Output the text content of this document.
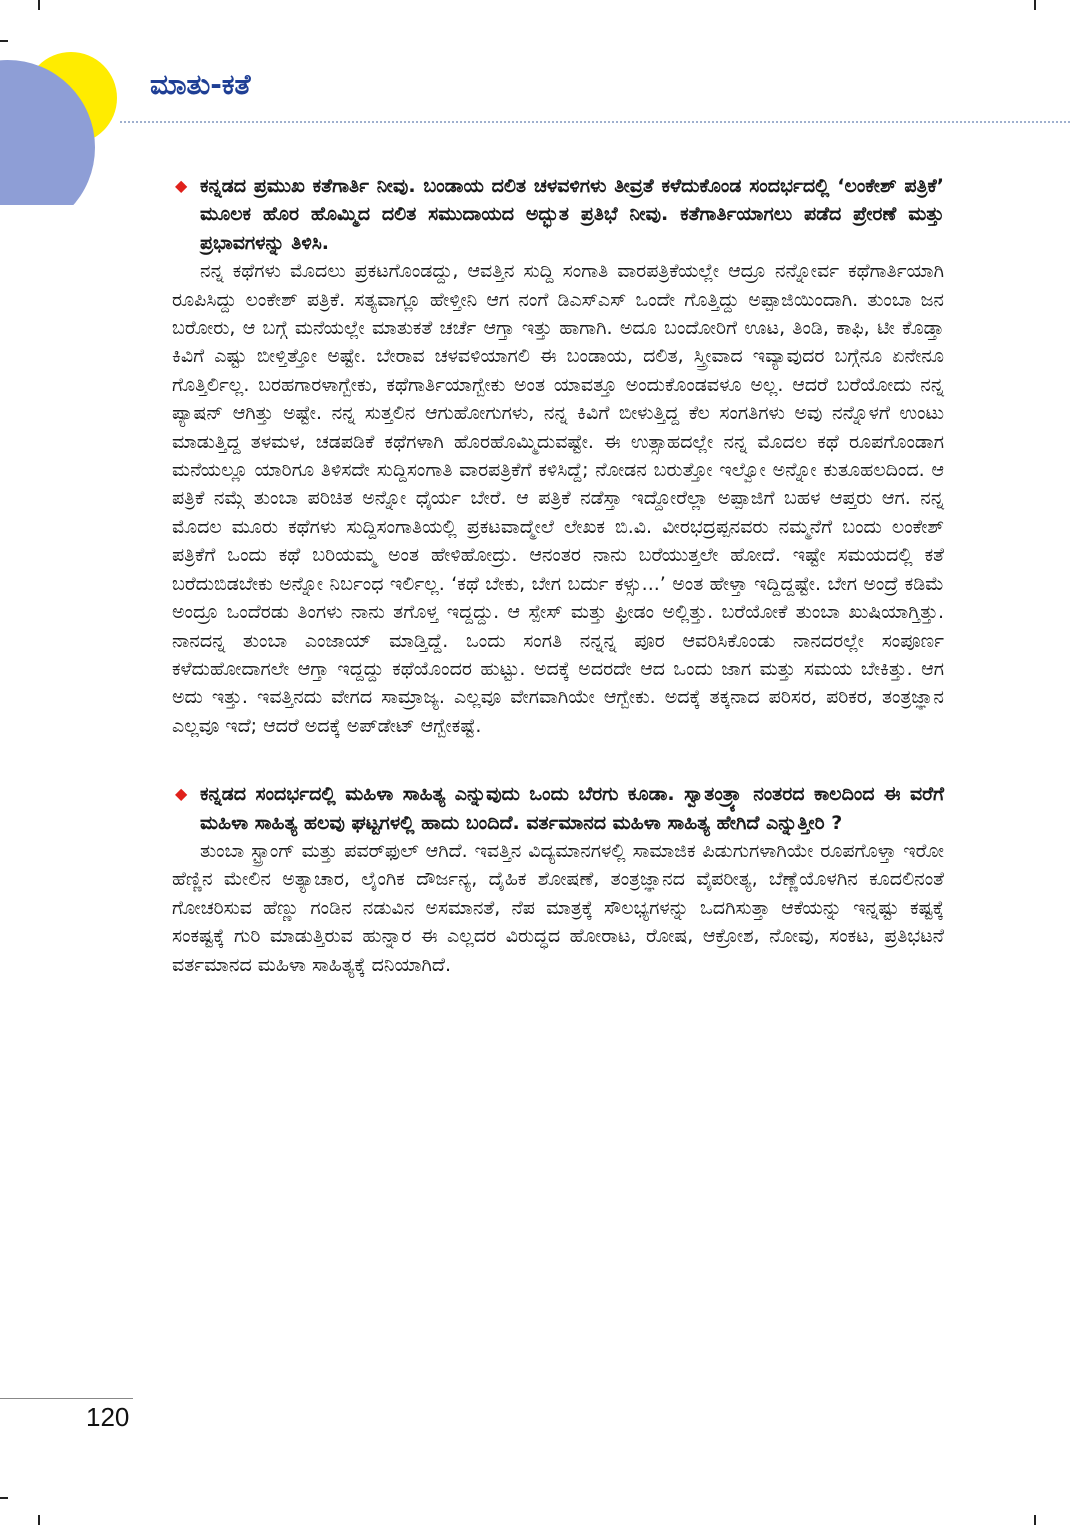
ಮಾತು-ಕತೆ
◆ ಕನ್ನಡದ ಪ್ರಮುಖ ಕತೆಗಾರ್ತಿ ನೀವು. ಬಂಡಾಯ ದಲಿತ ಚಳವಳಿಗಳು ತೀವ್ರತೆ ಕಳೆದುಕೊಂಡ ಸಂದರ್ಭದಲ್ಲಿ ‘ಲಂಕೇಶ್ ಪತ್ರಿಕೆ’ ಮೂಲಕ ಹೊರ ಹೊಮ್ಮಿದ ದಲಿತ ಸಮುದಾಯದ ಅದ್ಭುತ ಪ್ರತಿಭೆ ನೀವು. ಕತೆಗಾರ್ತಿಯಾಗಲು ಪಡೆದ ಪ್ರೇರಣೆ ಮತ್ತು ಪ್ರಭಾವಗಳನ್ನು ತಿಳಿಸಿ.

ನನ್ನ ಕಥೆಗಳು ಮೊದಲು ಪ್ರಕಟಗೊಂಡದ್ದು, ಆವತ್ತಿನ ಸುದ್ದಿ ಸಂಗಾತಿ ವಾರಪತ್ರಿಕೆಯಲ್ಲೇ ಆದ್ರೂ ನನ್ನೋರ್ವ ಕಥೆಗಾರ್ತಿಯಾಗಿ ರೂಪಿಸಿದ್ದು ಲಂಕೇಶ್ ಪತ್ರಿಕೆ. ಸತ್ಯವಾಗ್ಲೂ ಹೇಳ್ತೀನಿ ಆಗ ನಂಗೆ ಡಿಎಸ್‌ಎಸ್ ಒಂದೇ ಗೊತ್ತಿದ್ದು ಅಪ್ಪಾಜಿಯಿಂದಾಗಿ. ತುಂಬಾ ಜನ ಬರೋರು, ಆ ಬಗ್ಗೆ ಮನೆಯಲ್ಲೇ ಮಾತುಕತೆ ಚರ್ಚೆ ಆಗ್ತಾ ಇತ್ತು ಹಾಗಾಗಿ. ಅದೂ ಬಂದೋರಿಗೆ ಊಟ, ತಿಂಡಿ, ಕಾಫಿ, ಟೀ ಕೊಡ್ತಾ ಕಿವಿಗೆ ಎಷ್ಟು ಬೀಳ್ತಿತ್ತೋ ಅಷ್ಟೇ. ಬೇರಾವ ಚಳವಳಿಯಾಗಲಿ ಈ ಬಂಡಾಯ, ದಲಿತ, ಸ್ತ್ರೀವಾದ ಇವ್ಯಾವುದರ ಬಗ್ಗೆನೂ ಏನೇನೂ ಗೊತ್ತಿರ್ಲಿಲ್ಲ. ಬರಹಗಾರಳಾಗ್ಬೇಕು, ಕಥೆಗಾರ್ತಿಯಾಗ್ಬೇಕು ಅಂತ ಯಾವತ್ತೂ ಅಂದುಕೊಂಡವಳೂ ಅಲ್ಲ. ಆದರೆ ಬರೆಯೋದು ನನ್ನ ಪ್ಯಾಷನ್ ಆಗಿತ್ತು ಅಷ್ಟೇ. ನನ್ನ ಸುತ್ತಲಿನ ಆಗುಹೋಗುಗಳು, ನನ್ನ ಕಿವಿಗೆ ಬೀಳುತ್ತಿದ್ದ ಕೆಲ ಸಂಗತಿಗಳು ಅವು ನನ್ನೊಳಗೆ ಉಂಟು ಮಾಡುತ್ತಿದ್ದ ತಳಮಳ, ಚಡಪಡಿಕೆ ಕಥೆಗಳಾಗಿ ಹೊರಹೊಮ್ಮಿದುವಷ್ಟೇ. ಈ ಉತ್ಸಾಹದಲ್ಲೇ ನನ್ನ ಮೊದಲ ಕಥೆ ರೂಪಗೊಂಡಾಗ ಮನೆಯಲ್ಲೂ ಯಾರಿಗೂ ತಿಳಿಸದೇ ಸುದ್ದಿಸಂಗಾತಿ ವಾರಪತ್ರಿಕೆಗೆ ಕಳಿಸಿದ್ದೆ; ನೋಡನ ಬರುತ್ತೋ ಇಲ್ವೋ ಅನ್ನೋ ಕುತೂಹಲದಿಂದ. ಆ ಪತ್ರಿಕೆ ನಮ್ಗೆ ತುಂಬಾ ಪರಿಚಿತ ಅನ್ನೋ ಧೈರ್ಯ ಬೇರೆ. ಆ ಪತ್ರಿಕೆ ನಡೆಸ್ತಾ ಇದ್ದೋರೆಲ್ಲಾ ಅಪ್ಪಾಜಿಗೆ ಬಹಳ ಆಪ್ತರು ಆಗ. ನನ್ನ ಮೊದಲ ಮೂರು ಕಥೆಗಳು ಸುದ್ದಿಸಂಗಾತಿಯಲ್ಲಿ ಪ್ರಕಟವಾದ್ಮೇಲೆ ಲೇಖಕ ಬಿ.ವಿ. ವೀರಭದ್ರಪ್ಪನವರು ನಮ್ಮನೆಗೆ ಬಂದು ಲಂಕೇಶ್ ಪತ್ರಿಕೆಗೆ ಒಂದು ಕಥೆ ಬರಿಯಮ್ಮ ಅಂತ ಹೇಳಿಹೋದ್ರು. ಆನಂತರ ನಾನು ಬರೆಯುತ್ತಲೇ ಹೋದೆ. ಇಷ್ಟೇ ಸಮಯದಲ್ಲಿ ಕತೆ ಬರೆದುಬಿಡಬೇಕು ಅನ್ನೋ ನಿರ್ಬಂಧ ಇರ್ಲಿಲ್ಲ. ‘ಕಥೆ ಬೇಕು, ಬೇಗ ಬರ್ದು ಕಳ್ಸು...’ ಅಂತ ಹೇಳ್ತಾ ಇದ್ದಿದ್ದಷ್ಟೇ. ಬೇಗ ಅಂದ್ರೆ ಕಡಿಮೆ ಅಂದ್ರೂ ಒಂದೆರಡು ತಿಂಗಳು ನಾನು ತಗೊಳ್ತ ಇದ್ದದ್ದು. ಆ ಸ್ಪೇಸ್ ಮತ್ತು ಫ್ರೀಡಂ ಅಲ್ಲಿತ್ತು. ಬರೆಯೋಕೆ ತುಂಬಾ ಖುಷಿಯಾಗ್ತಿತ್ತು. ನಾನದನ್ನ ತುಂಬಾ ಎಂಜಾಯ್ ಮಾಡ್ತಿದ್ದೆ. ಒಂದು ಸಂಗತಿ ನನ್ನನ್ನ ಪೂರ ಆವರಿಸಿಕೊಂಡು ನಾನದರಲ್ಲೇ ಸಂಪೂರ್ಣ ಕಳೆದುಹೋದಾಗಲೇ ಆಗ್ತಾ ಇದ್ದದ್ದು ಕಥೆಯೊಂದರ ಹುಟ್ಟು. ಅದಕ್ಕೆ ಅದರದೇ ಆದ ಒಂದು ಜಾಗ ಮತ್ತು ಸಮಯ ಬೇಕಿತ್ತು. ಆಗ ಅದು ಇತ್ತು. ಇವತ್ತಿನದು ವೇಗದ ಸಾಮ್ರಾಜ್ಯ. ಎಲ್ಲವೂ ವೇಗವಾಗಿಯೇ ಆಗ್ಬೇಕು. ಅದಕ್ಕೆ ತಕ್ಕನಾದ ಪರಿಸರ, ಪರಿಕರ, ತಂತ್ರಜ್ಞಾನ ಎಲ್ಲವೂ ಇದೆ; ಆದರೆ ಅದಕ್ಕೆ ಅಪ್‌ಡೇಟ್ ಆಗ್ಬೇಕಷ್ಟೆ.

◆ ಕನ್ನಡದ ಸಂದರ್ಭದಲ್ಲಿ ಮಹಿಳಾ ಸಾಹಿತ್ಯ ಎನ್ನುವುದು ಒಂದು ಬೆರಗು ಕೂಡಾ. ಸ್ವಾತಂತ್ರ್ಯಾ ನಂತರದ ಕಾಲದಿಂದ ಈ ವರೆಗೆ ಮಹಿಳಾ ಸಾಹಿತ್ಯ ಹಲವು ಘಟ್ಟಗಳಲ್ಲಿ ಹಾದು ಬಂದಿದೆ. ವರ್ತಮಾನದ ಮಹಿಳಾ ಸಾಹಿತ್ಯ ಹೇಗಿದೆ ಎನ್ನುತ್ತೀರಿ ?

ತುಂಬಾ ಸ್ಟ್ರಾಂಗ್ ಮತ್ತು ಪವರ್‌ಫುಲ್ ಆಗಿದೆ. ಇವತ್ತಿನ ವಿದ್ಯಮಾನಗಳಲ್ಲಿ ಸಾಮಾಜಿಕ ಪಿಡುಗುಗಳಾಗಿಯೇ ರೂಪಗೊಳ್ತಾ ಇರೋ ಹೆಣ್ಣಿನ ಮೇಲಿನ ಅತ್ಯಾಚಾರ, ಲೈಂಗಿಕ ದೌರ್ಜನ್ಯ, ದೈಹಿಕ ಶೋಷಣೆ, ತಂತ್ರಜ್ಞಾನದ ವೈಪರೀತ್ಯ, ಬೆಣ್ಣೆಯೊಳಗಿನ ಕೂದಲಿನಂತೆ ಗೋಚರಿಸುವ ಹೆಣ್ಣು ಗಂಡಿನ ನಡುವಿನ ಅಸಮಾನತೆ, ನೆಪ ಮಾತ್ರಕ್ಕೆ ಸೌಲಭ್ಯಗಳನ್ನು ಒದಗಿಸುತ್ತಾ ಆಕೆಯನ್ನು ಇನ್ನಷ್ಟು ಕಷ್ಟಕ್ಕೆ ಸಂಕಷ್ಟಕ್ಕೆ ಗುರಿ ಮಾಡುತ್ತಿರುವ ಹುನ್ನಾರ ಈ ಎಲ್ಲದರ ವಿರುದ್ಧದ ಹೋರಾಟ, ರೋಷ, ಆಕ್ರೋಶ, ನೋವು, ಸಂಕಟ, ಪ್ರತಿಭಟನೆ ವರ್ತಮಾನದ ಮಹಿಳಾ ಸಾಹಿತ್ಯಕ್ಕೆ ದನಿಯಾಗಿದೆ.

120
